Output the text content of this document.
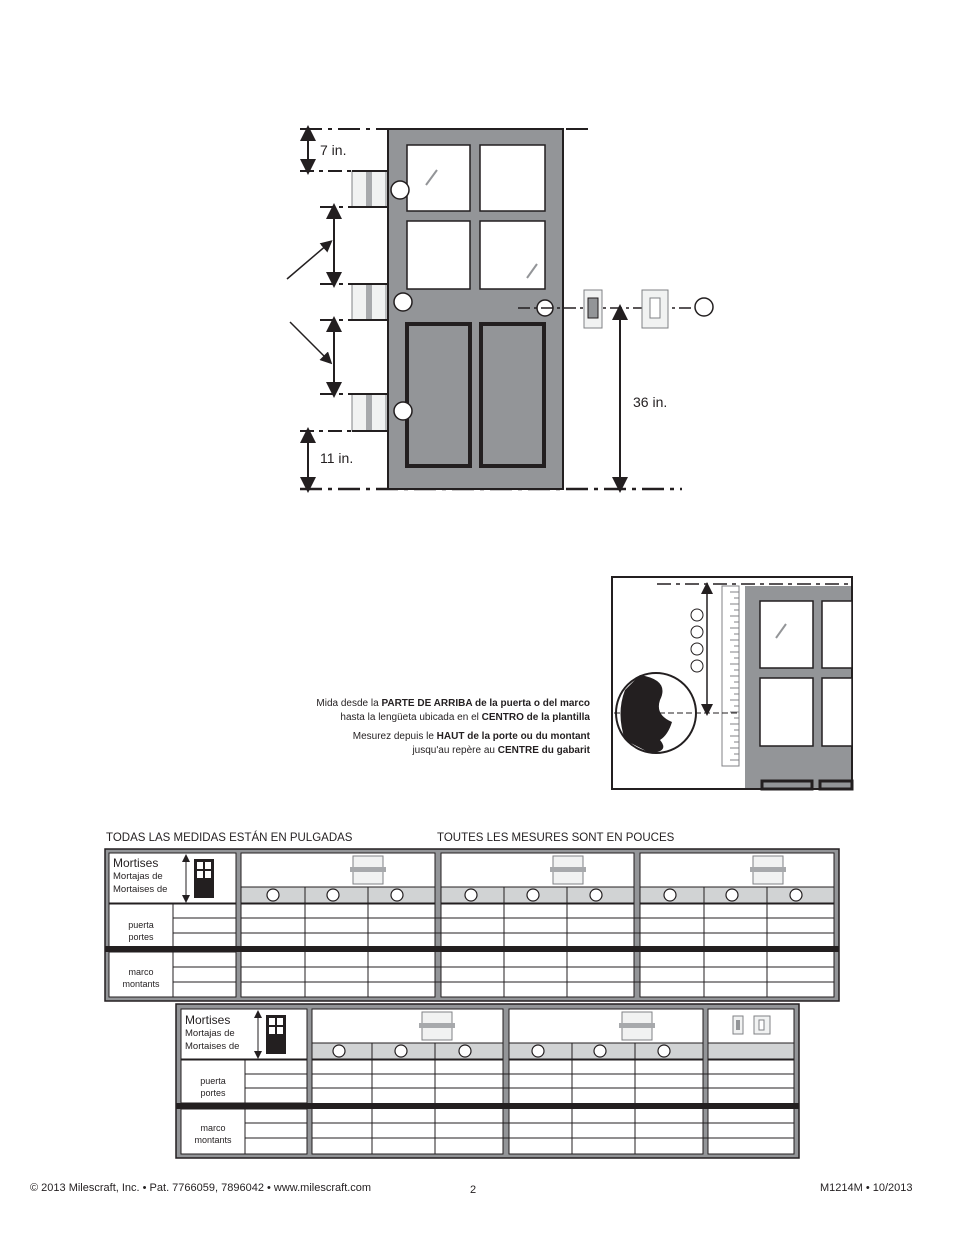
7 in.
11 in.
36 in.
Mida desde la PARTE DE ARRIBA de la puerta o del marco
hasta la lengüeta ubicada en el CENTRO de la plantilla
Mesurez depuis le HAUT de la porte ou du montant
jusqu'au repère au CENTRE du gabarit
TODAS LAS MEDIDAS ESTÁN EN PULGADAS	TOUTES LES MESURES SONT EN POUCES
Mortises
Mortajas de
Mortaises de
puerta
portes
marco
montants
Mortises
Mortajas de
Mortaises de
puerta
portes
marco
montants
© 2013 Milescraft, Inc. • Pat. 7766059, 7896042 • www.milescraft.com	2	M1214M • 10/2013
